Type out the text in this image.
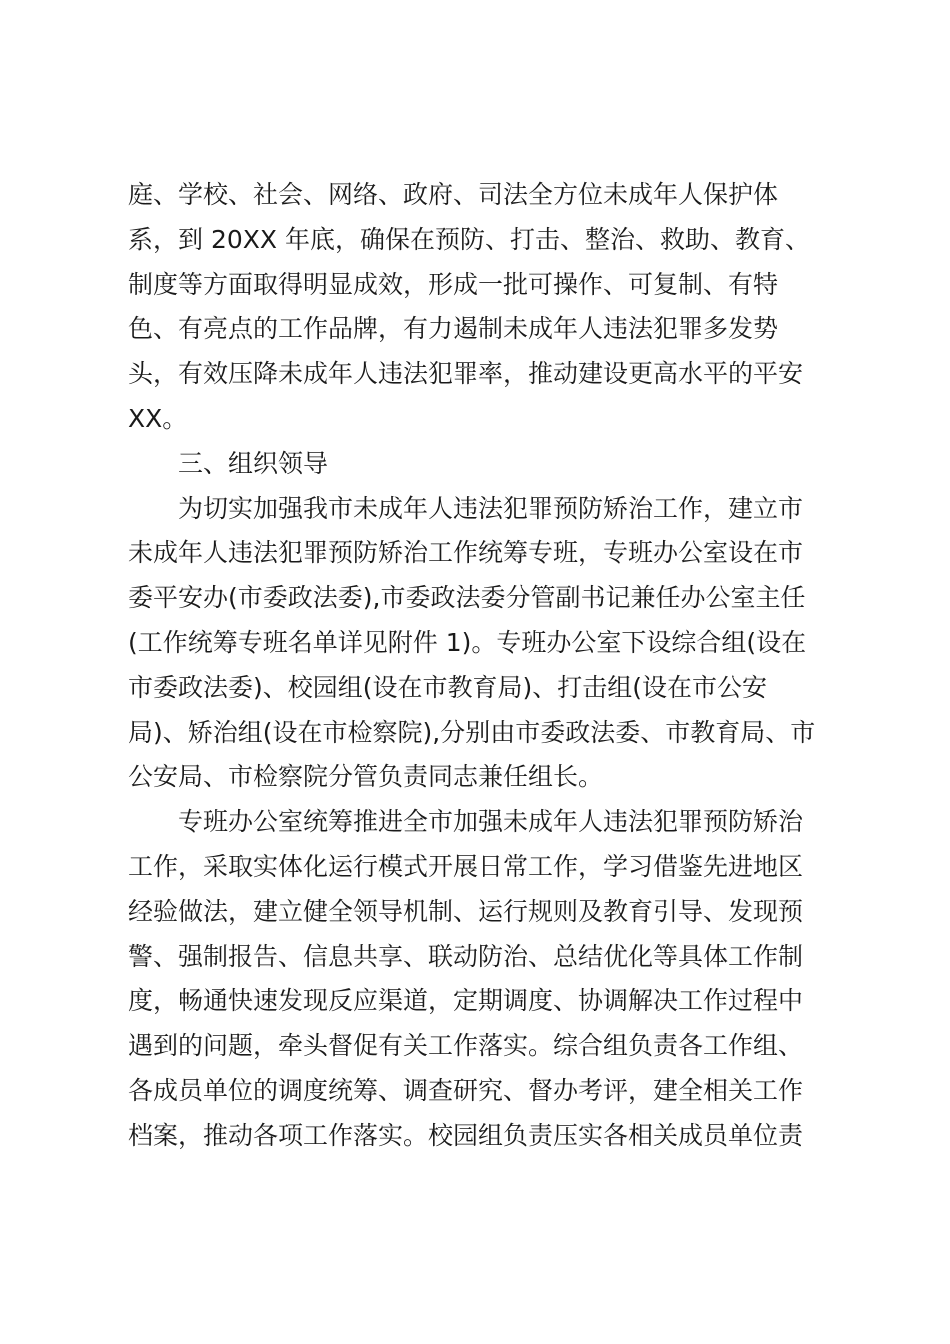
庭、学校、社会、网络、政府、司法全方位未成年人保护体
系，到 20XX 年底，确保在预防、打击、整治、救助、教育、
制度等方面取得明显成效，形成一批可操作、可复制、有特
色、有亮点的工作品牌，有力遏制未成年人违法犯罪多发势
头，有效压降未成年人违法犯罪率，推动建设更高水平的平安
XX。
三、组织领导
为切实加强我市未成年人违法犯罪预防矫治工作，建立市
未成年人违法犯罪预防矫治工作统筹专班，专班办公室设在市
委平安办(市委政法委),市委政法委分管副书记兼任办公室主任
(工作统筹专班名单详见附件 1)。专班办公室下设综合组(设在
市委政法委)、校园组(设在市教育局)、打击组(设在市公安
局)、矫治组(设在市检察院),分别由市委政法委、市教育局、市
公安局、市检察院分管负责同志兼任组长。
专班办公室统筹推进全市加强未成年人违法犯罪预防矫治
工作，采取实体化运行模式开展日常工作，学习借鉴先进地区
经验做法，建立健全领导机制、运行规则及教育引导、发现预
警、强制报告、信息共享、联动防治、总结优化等具体工作制
度，畅通快速发现反应渠道，定期调度、协调解决工作过程中
遇到的问题，牵头督促有关工作落实。综合组负责各工作组、
各成员单位的调度统筹、调查研究、督办考评，建全相关工作
档案，推动各项工作落实。校园组负责压实各相关成员单位责
